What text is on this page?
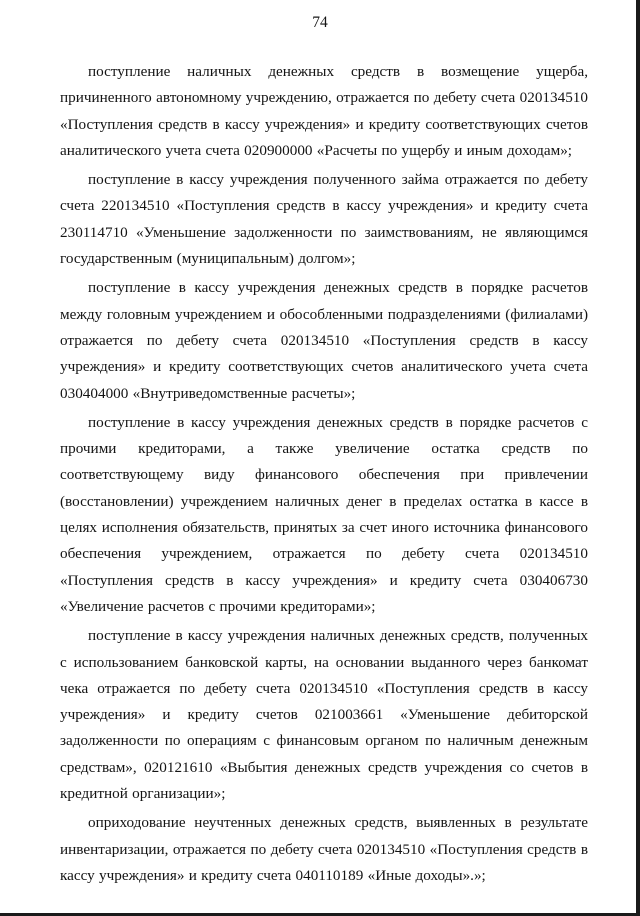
74

поступление наличных денежных средств в возмещение ущерба, причиненного автономному учреждению, отражается по дебету счета 020134510 «Поступления средств в кассу учреждения» и кредиту соответствующих счетов аналитического учета счета 020900000 «Расчеты по ущербу и иным доходам»;

поступление в кассу учреждения полученного займа отражается по дебету счета 220134510 «Поступления средств в кассу учреждения» и кредиту счета 230114710 «Уменьшение задолженности по заимствованиям, не являющимся государственным (муниципальным) долгом»;

поступление в кассу учреждения денежных средств в порядке расчетов между головным учреждением и обособленными подразделениями (филиалами) отражается по дебету счета 020134510 «Поступления средств в кассу учреждения» и кредиту соответствующих счетов аналитического учета счета 030404000 «Внутриведомственные расчеты»;

поступление в кассу учреждения денежных средств в порядке расчетов с прочими кредиторами, а также увеличение остатка средств по соответствующему виду финансового обеспечения при привлечении (восстановлении) учреждением наличных денег в пределах остатка в кассе в целях исполнения обязательств, принятых за счет иного источника финансового обеспечения учреждением, отражается по дебету счета 020134510 «Поступления средств в кассу учреждения» и кредиту счета 030406730 «Увеличение расчетов с прочими кредиторами»;

поступление в кассу учреждения наличных денежных средств, полученных с использованием банковской карты, на основании выданного через банкомат чека отражается по дебету счета 020134510 «Поступления средств в кассу учреждения» и кредиту счетов 021003661 «Уменьшение дебиторской задолженности по операциям с финансовым органом по наличным денежным средствам», 020121610 «Выбытия денежных средств учреждения со счетов в кредитной организации»;

оприходование неучтенных денежных средств, выявленных в результате инвентаризации, отражается по дебету счета 020134510 «Поступления средств в кассу учреждения» и кредиту счета 040110189 «Иные доходы».»;
